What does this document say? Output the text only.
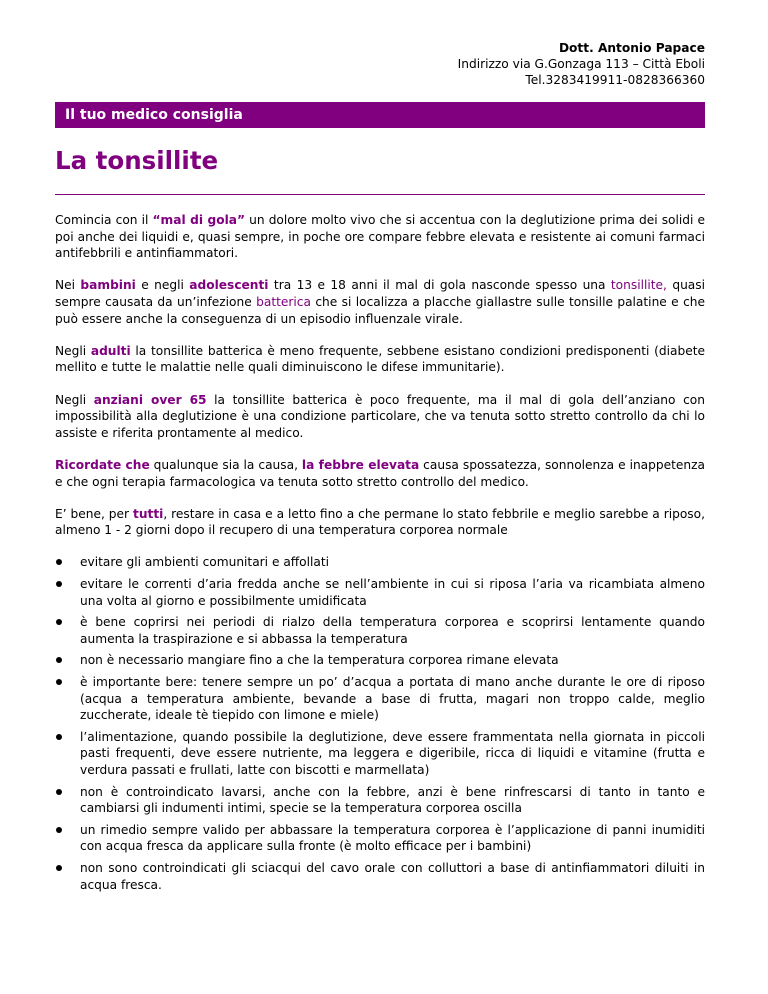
Dott. Antonio Papace
Indirizzo via G.Gonzaga 113 – Città Eboli
Tel.3283419911-0828366360
Il tuo medico consiglia
La tonsillite

Comincia con il “mal di gola” un dolore molto vivo che si accentua con la deglutizione prima dei solidi e poi anche dei liquidi e, quasi sempre, in poche ore compare febbre elevata e resistente ai comuni farmaci antifebbrili e antinfiammatori.

Nei bambini e negli adolescenti tra 13 e 18 anni il mal di gola nasconde spesso una tonsillite, quasi sempre causata da un’infezione batterica che si localizza a placche giallastre sulle tonsille palatine e che può essere anche la conseguenza di un episodio influenzale virale.

Negli adulti la tonsillite batterica è meno frequente, sebbene esistano condizioni predisponenti (diabete mellito e tutte le malattie nelle quali diminuiscono le difese immunitarie).

Negli anziani over 65 la tonsillite batterica è poco frequente, ma il mal di gola dell’anziano con impossibilità alla deglutizione è una condizione particolare, che va tenuta sotto stretto controllo da chi lo assiste e riferita prontamente al medico.

Ricordate che qualunque sia la causa, la febbre elevata causa spossatezza, sonnolenza e inappetenza e che ogni terapia farmacologica va tenuta sotto stretto controllo del medico.

E’ bene, per tutti, restare in casa e a letto fino a che permane lo stato febbrile e meglio sarebbe a riposo, almeno 1 - 2 giorni dopo il recupero di una temperatura corporea normale

evitare gli ambienti comunitari e affollati
evitare le correnti d’aria fredda anche se nell’ambiente in cui si riposa l’aria va ricambiata almeno una volta al giorno e possibilmente umidificata
è bene coprirsi nei periodi di rialzo della temperatura corporea e scoprirsi lentamente quando aumenta la traspirazione e si abbassa la temperatura
non è necessario mangiare fino a che la temperatura corporea rimane elevata
è importante bere: tenere sempre un po’ d’acqua a portata di mano anche durante le ore di riposo (acqua a temperatura ambiente, bevande a base di frutta, magari non troppo calde, meglio zuccherate, ideale tè tiepido con limone e miele)
l’alimentazione, quando possibile la deglutizione, deve essere frammentata nella giornata in piccoli pasti frequenti, deve essere nutriente, ma leggera e digeribile, ricca di liquidi e vitamine (frutta e verdura passati e frullati, latte con biscotti e marmellata)
non è controindicato lavarsi, anche con la febbre, anzi è bene rinfrescarsi di tanto in tanto e cambiarsi gli indumenti intimi, specie se la temperatura corporea oscilla
un rimedio sempre valido per abbassare la temperatura corporea è l’applicazione di panni inumiditi con acqua fresca da applicare sulla fronte (è molto efficace per i bambini)
non sono controindicati gli sciacqui del cavo orale con colluttori a base di antinfiammatori diluiti in acqua fresca.
